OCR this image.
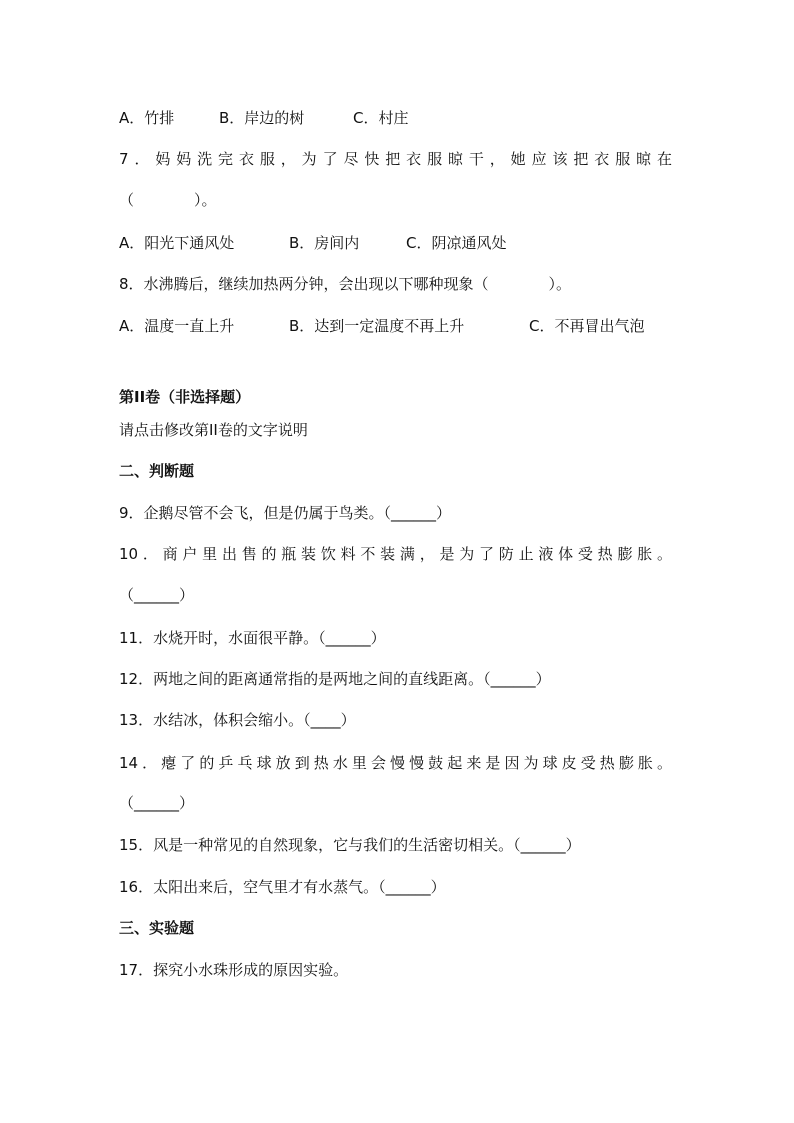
A．竹排	B．岸边的树	C．村庄
7．妈妈洗完衣服，为了尽快把衣服晾干，她应该把衣服晾在
（　　　　）。
A．阳光下通风处	B．房间内	C．阴凉通风处
8．水沸腾后，继续加热两分钟，会出现以下哪种现象（　　　　）。
A．温度一直上升	B．达到一定温度不再上升	C．不再冒出气泡
第II卷（非选择题）
请点击修改第II卷的文字说明
二、判断题
9．企鹅尽管不会飞，但是仍属于鸟类。（______）
10．商户里出售的瓶装饮料不装满，是为了防止液体受热膨胀。
（______）
11．水烧开时，水面很平静。（______）
12．两地之间的距离通常指的是两地之间的直线距离。（______）
13．水结冰，体积会缩小。（____）
14．瘪了的乒乓球放到热水里会慢慢鼓起来是因为球皮受热膨胀。
（______）
15．风是一种常见的自然现象，它与我们的生活密切相关。（______）
16．太阳出来后，空气里才有水蒸气。（______）
三、实验题
17．探究小水珠形成的原因实验。
